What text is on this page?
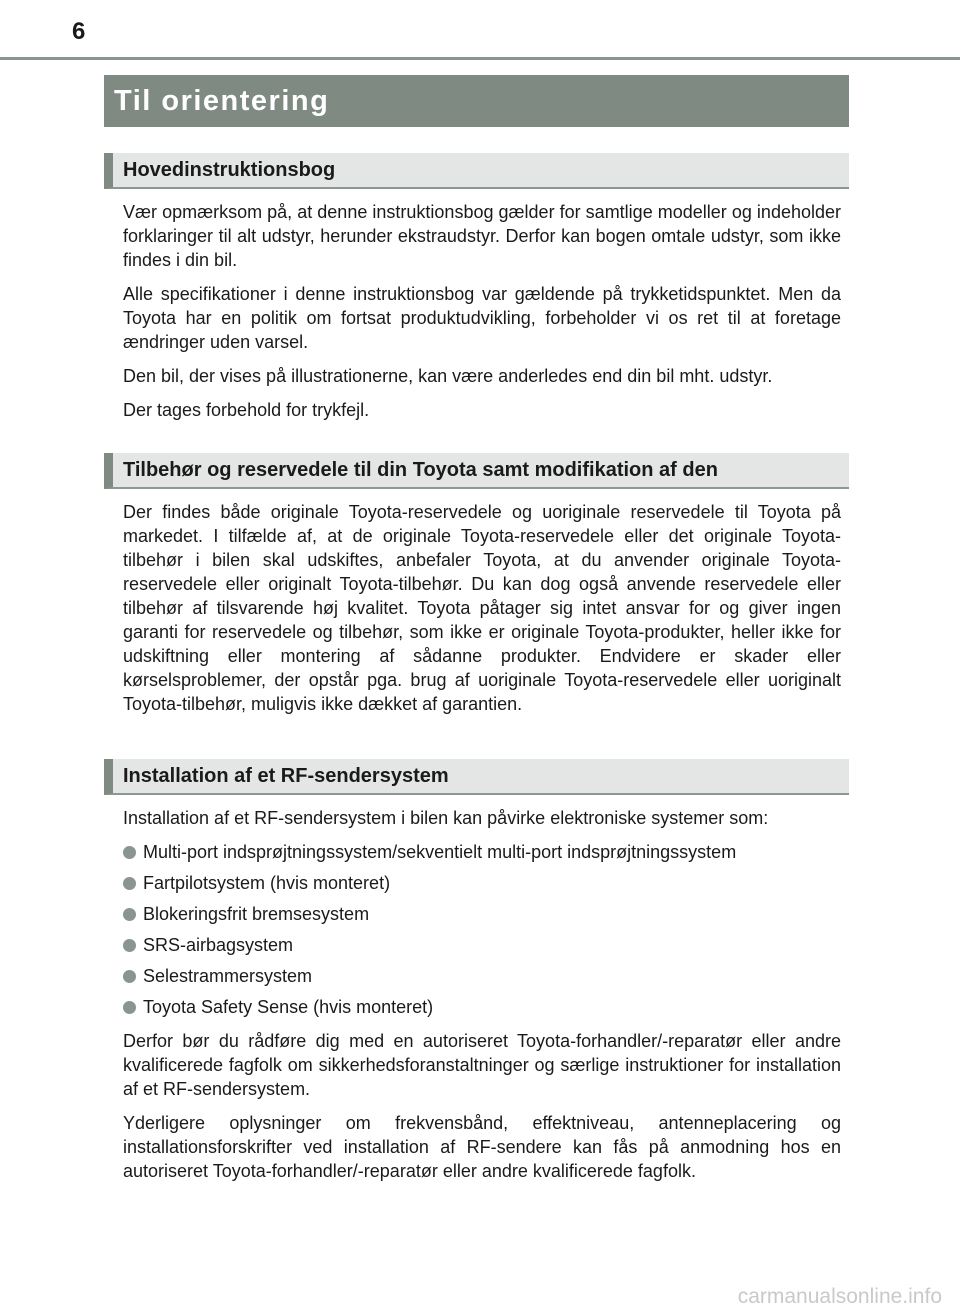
6
Til orientering
Hovedinstruktionsbog

Vær opmærksom på, at denne instruktionsbog gælder for samtlige modeller og indeholder forklaringer til alt udstyr, herunder ekstraudstyr. Derfor kan bogen omtale udstyr, som ikke findes i din bil.

Alle specifikationer i denne instruktionsbog var gældende på trykketidspunktet. Men da Toyota har en politik om fortsat produktudvikling, forbeholder vi os ret til at foretage ændringer uden varsel.

Den bil, der vises på illustrationerne, kan være anderledes end din bil mht. udstyr.

Der tages forbehold for trykfejl.

Tilbehør og reservedele til din Toyota samt modifikation af den

Der findes både originale Toyota-reservedele og uoriginale reservedele til Toyota på markedet. I tilfælde af, at de originale Toyota-reservedele eller det originale Toyota-tilbehør i bilen skal udskiftes, anbefaler Toyota, at du anvender originale Toyota-reservedele eller originalt Toyota-tilbehør. Du kan dog også anvende reservedele eller tilbehør af tilsvarende høj kvalitet. Toyota påtager sig intet ansvar for og giver ingen garanti for reservedele og tilbehør, som ikke er originale Toyota-produkter, heller ikke for udskiftning eller montering af sådanne produkter. Endvidere er skader eller kørselsproblemer, der opstår pga. brug af uoriginale Toyota-reservedele eller uoriginalt Toyota-tilbehør, muligvis ikke dækket af garantien.

Installation af et RF-sendersystem

Installation af et RF-sendersystem i bilen kan påvirke elektroniske systemer som:

Multi-port indsprøjtningssystem/sekventielt multi-port indsprøjtningssystem
Fartpilotsystem (hvis monteret)
Blokeringsfrit bremsesystem
SRS-airbagsystem
Selestrammersystem
Toyota Safety Sense (hvis monteret)

Derfor bør du rådføre dig med en autoriseret Toyota-forhandler/-reparatør eller andre kvalificerede fagfolk om sikkerhedsforanstaltninger og særlige instruktioner for installation af et RF-sendersystem.

Yderligere oplysninger om frekvensbånd, effektniveau, antenneplacering og installationsforskrifter ved installation af RF-sendere kan fås på anmodning hos en autoriseret Toyota-forhandler/-reparatør eller andre kvalificerede fagfolk.

carmanualsonline.info
